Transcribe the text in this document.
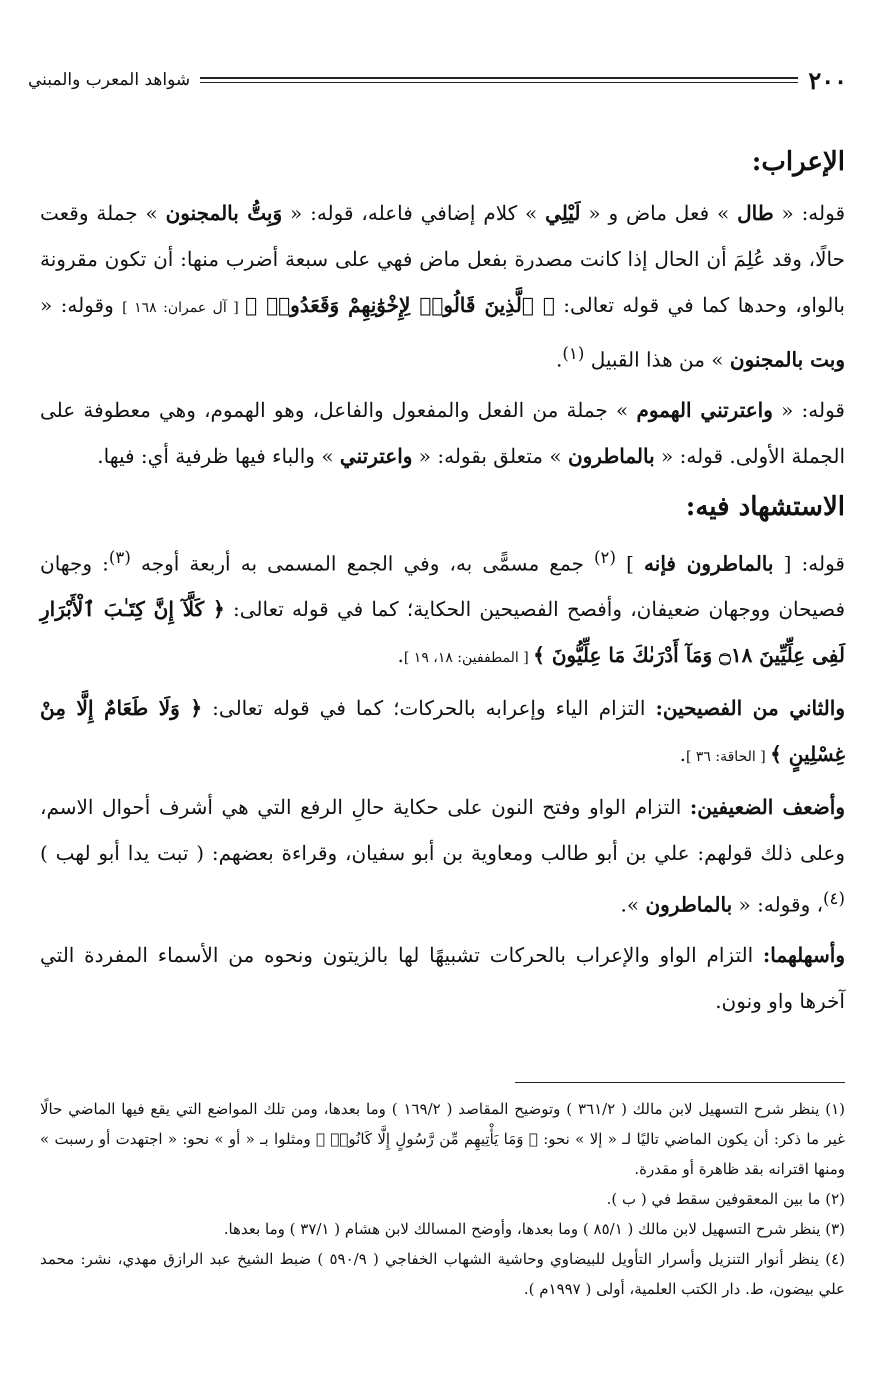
٢٠٠
شواهد المعرب والمبني

الإعراب:

قوله: « طال » فعل ماض و « لَيْلِي » كلام إضافي فاعله، قوله: « وَبِتُّ بالمجنون » جملة وقعت حالًا، وقد عُلِمَ أن الحال إذا كانت مصدرة بفعل ماض فهي على سبعة أضرب منها: أن تكون مقرونة بالواو، وحدها كما في قوله تعالى: ﴿ ٱلَّذِينَ قَالُوا۟ لِإِخْوَٰنِهِمْ وَقَعَدُوا۟ ﴾ [ آل عمران: ١٦٨ ] وقوله: « وبت بالمجنون » من هذا القبيل $^{(١)}$.

قوله: « واعترتني الهموم » جملة من الفعل والمفعول والفاعل، وهو الهموم، وهي معطوفة على الجملة الأولى. قوله: « بالماطرون » متعلق بقوله: « واعترتني » والباء فيها ظرفية أي: فيها.

الاستشهاد فيه:

قوله: [ بالماطرون فإنه ] $^{(٢)}$ جمع مسمًّى به، وفي الجمع المسمى به أربعة أوجه $^{(٣)}$: وجهان فصيحان ووجهان ضعيفان، وأفصح الفصيحين الحكاية؛ كما في قوله تعالى: ﴿ كَلَّآ إِنَّ كِتَـٰبَ ٱلْأَبْرَارِ لَفِى عِلِّيِّينَ ۝١٨ وَمَآ أَدْرَىٰكَ مَا عِلِّيُّونَ ﴾ [ المطففين: ١٨، ١٩ ].

والثاني من الفصيحين: التزام الياء وإعرابه بالحركات؛ كما في قوله تعالى: ﴿ وَلَا طَعَامٌ إِلَّا مِنْ غِسْلِينٍ ﴾ [ الحاقة: ٣٦ ].

وأضعف الضعيفين: التزام الواو وفتح النون على حكاية حالِ الرفع التي هي أشرف أحوال الاسم، وعلى ذلك قولهم: علي بن أبو طالب ومعاوية بن أبو سفيان، وقراءة بعضهم: ( تبت يدا أبو لهب ) $^{(٤)}$، وقوله: « بالماطرون ».

وأسهلهما: التزام الواو والإعراب بالحركات تشبيهًا لها بالزيتون ونحوه من الأسماء المفردة التي آخرها واو ونون.

(١) ينظر شرح التسهيل لابن مالك ( ٣٦١/٢ ) وتوضيح المقاصد ( ١٦٩/٢ ) وما بعدها، ومن تلك المواضع التي يقع فيها الماضي حالًا غير ما ذكر: أن يكون الماضي تاليًا لـ « إلا » نحو: ﴿ وَمَا يَأْتِيهِم مِّن رَّسُولٍ إِلَّا كَانُوا۟ ﴾ ومثلوا بـ « أو » نحو: « اجتهدت أو رسبت » ومنها اقترانه بقد ظاهرة أو مقدرة.

(٢) ما بين المعقوفين سقط في ( ب ).

(٣) ينظر شرح التسهيل لابن مالك ( ٨٥/١ ) وما بعدها، وأوضح المسالك لابن هشام ( ٣٧/١ ) وما بعدها.

(٤) ينظر أنوار التنزيل وأسرار التأويل للبيضاوي وحاشية الشهاب الخفاجي ( ٥٩٠/٩ ) ضبط الشيخ عبد الرازق مهدي، نشر: محمد علي بيضون، ط. دار الكتب العلمية، أولى ( ١٩٩٧م ).
